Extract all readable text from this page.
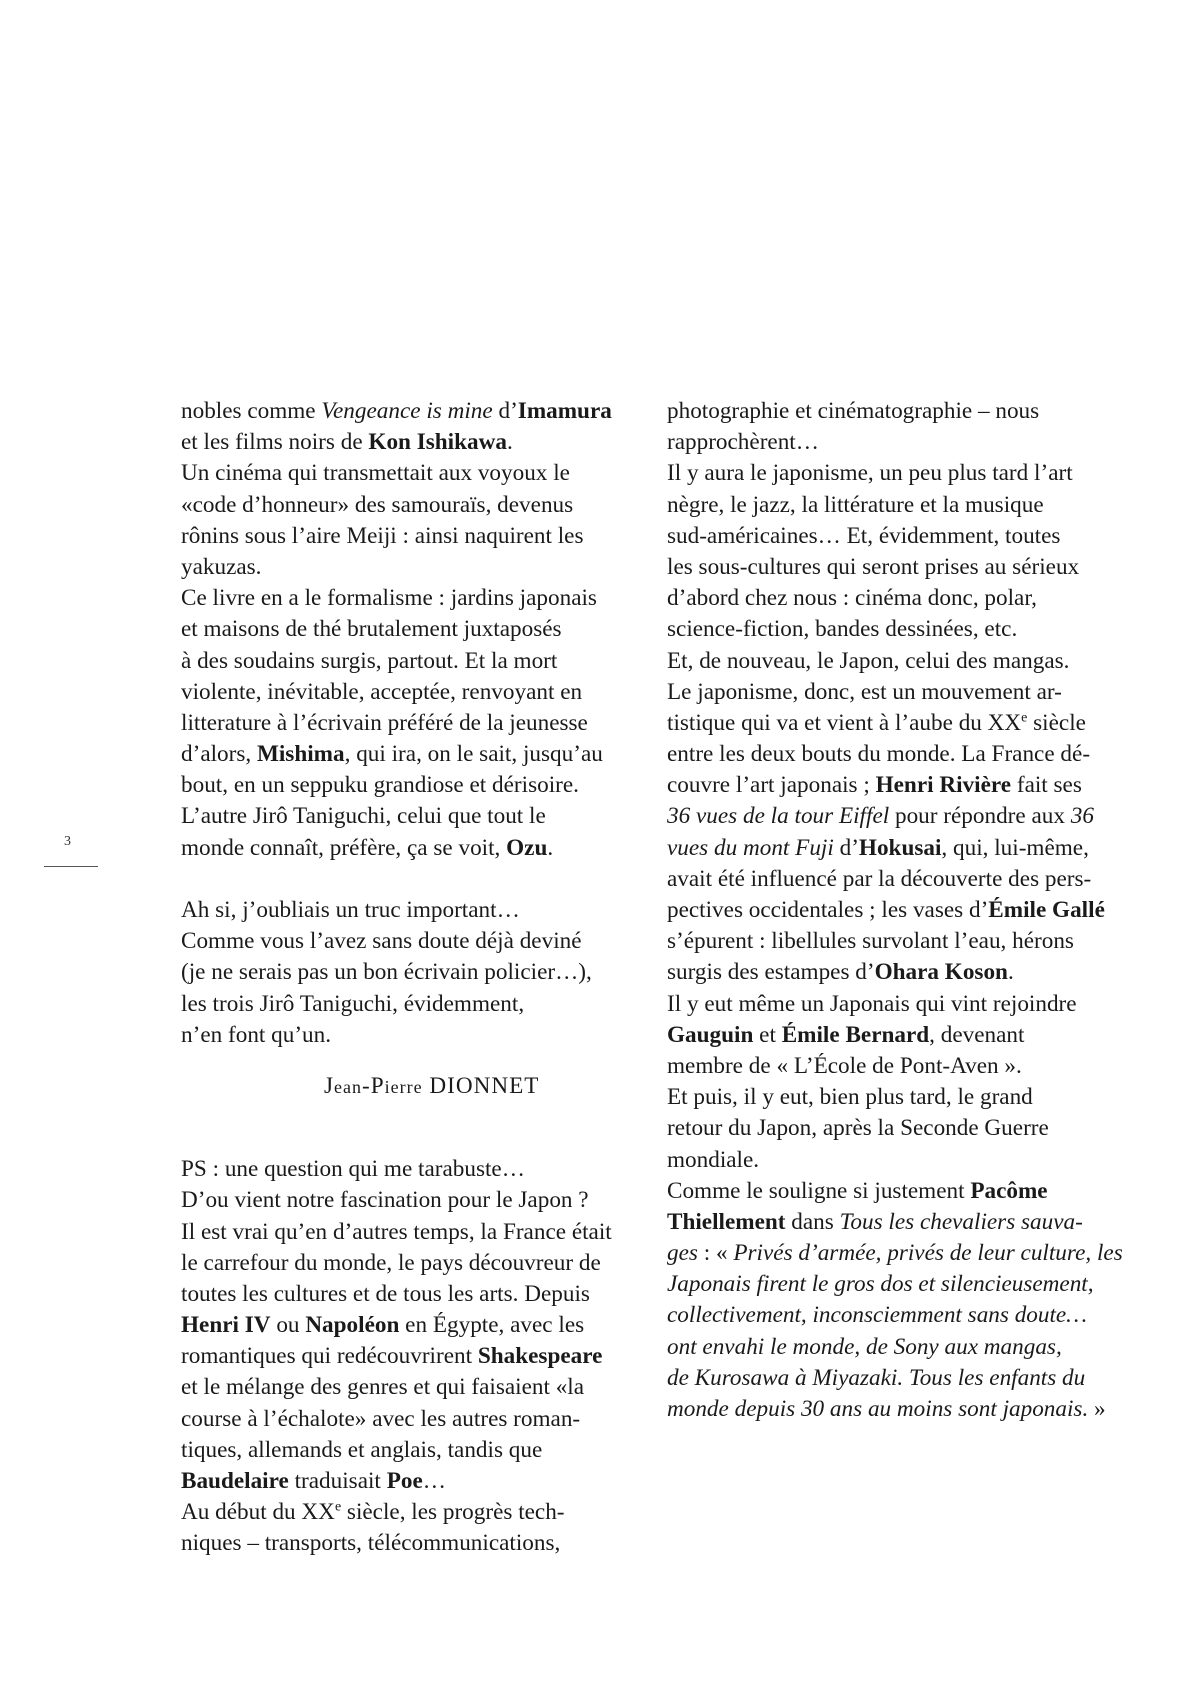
3
nobles comme Vengeance is mine d’Imamura
et les films noirs de Kon Ishikawa.
Un cinéma qui transmettait aux voyoux le
«code d’honneur» des samouraïs, devenus
rônins sous l’aire Meiji : ainsi naquirent les
yakuzas.
Ce livre en a le formalisme : jardins japonais
et maisons de thé brutalement juxtaposés
à des soudains surgis, partout. Et la mort
violente, inévitable, acceptée, renvoyant en
litterature à l’écrivain préféré de la jeunesse
d’alors, Mishima, qui ira, on le sait, jusqu’au
bout, en un seppuku grandiose et dérisoire.
L’autre Jirô Taniguchi, celui que tout le
monde connaît, préfère, ça se voit, Ozu.
Ah si, j’oubliais un truc important…
Comme vous l’avez sans doute déjà deviné
(je ne serais pas un bon écrivain policier…),
les trois Jirô Taniguchi, évidemment,
n’en font qu’un.
Jean-Pierre DIONNET
PS : une question qui me tarabuste…
D’ou vient notre fascination pour le Japon ?
Il est vrai qu’en d’autres temps, la France était
le carrefour du monde, le pays découvreur de
toutes les cultures et de tous les arts. Depuis
Henri IV ou Napoléon en Égypte, avec les
romantiques qui redécouvrirent Shakespeare
et le mélange des genres et qui faisaient «la
course à l’échalote» avec les autres roman-
tiques, allemands et anglais, tandis que
Baudelaire traduisait Poe…
Au début du XXe siècle, les progrès tech-
niques – transports, télécommunications,
photographie et cinématographie – nous
rapprochèrent…
Il y aura le japonisme, un peu plus tard l’art
nègre, le jazz, la littérature et la musique
sud-américaines… Et, évidemment, toutes
les sous-cultures qui seront prises au sérieux
d’abord chez nous : cinéma donc, polar,
science-fiction, bandes dessinées, etc.
Et, de nouveau, le Japon, celui des mangas.
Le japonisme, donc, est un mouvement ar-
tistique qui va et vient à l’aube du XXe siècle
entre les deux bouts du monde. La France dé-
couvre l’art japonais ; Henri Rivière fait ses
36 vues de la tour Eiffel pour répondre aux 36
vues du mont Fuji d’Hokusai, qui, lui-même,
avait été influencé par la découverte des pers-
pectives occidentales ; les vases d’Émile Gallé
s’épurent : libellules survolant l’eau, hérons
surgis des estampes d’Ohara Koson.
Il y eut même un Japonais qui vint rejoindre
Gauguin et Émile Bernard, devenant
membre de « L’École de Pont-Aven ».
Et puis, il y eut, bien plus tard, le grand
retour du Japon, après la Seconde Guerre
mondiale.
Comme le souligne si justement Pacôme
Thiellement dans Tous les chevaliers sauva-
ges : « Privés d’armée, privés de leur culture, les
Japonais firent le gros dos et silencieusement,
collectivement, inconsciemment sans doute…
ont envahi le monde, de Sony aux mangas,
de Kurosawa à Miyazaki. Tous les enfants du
monde depuis 30 ans au moins sont japonais. »
